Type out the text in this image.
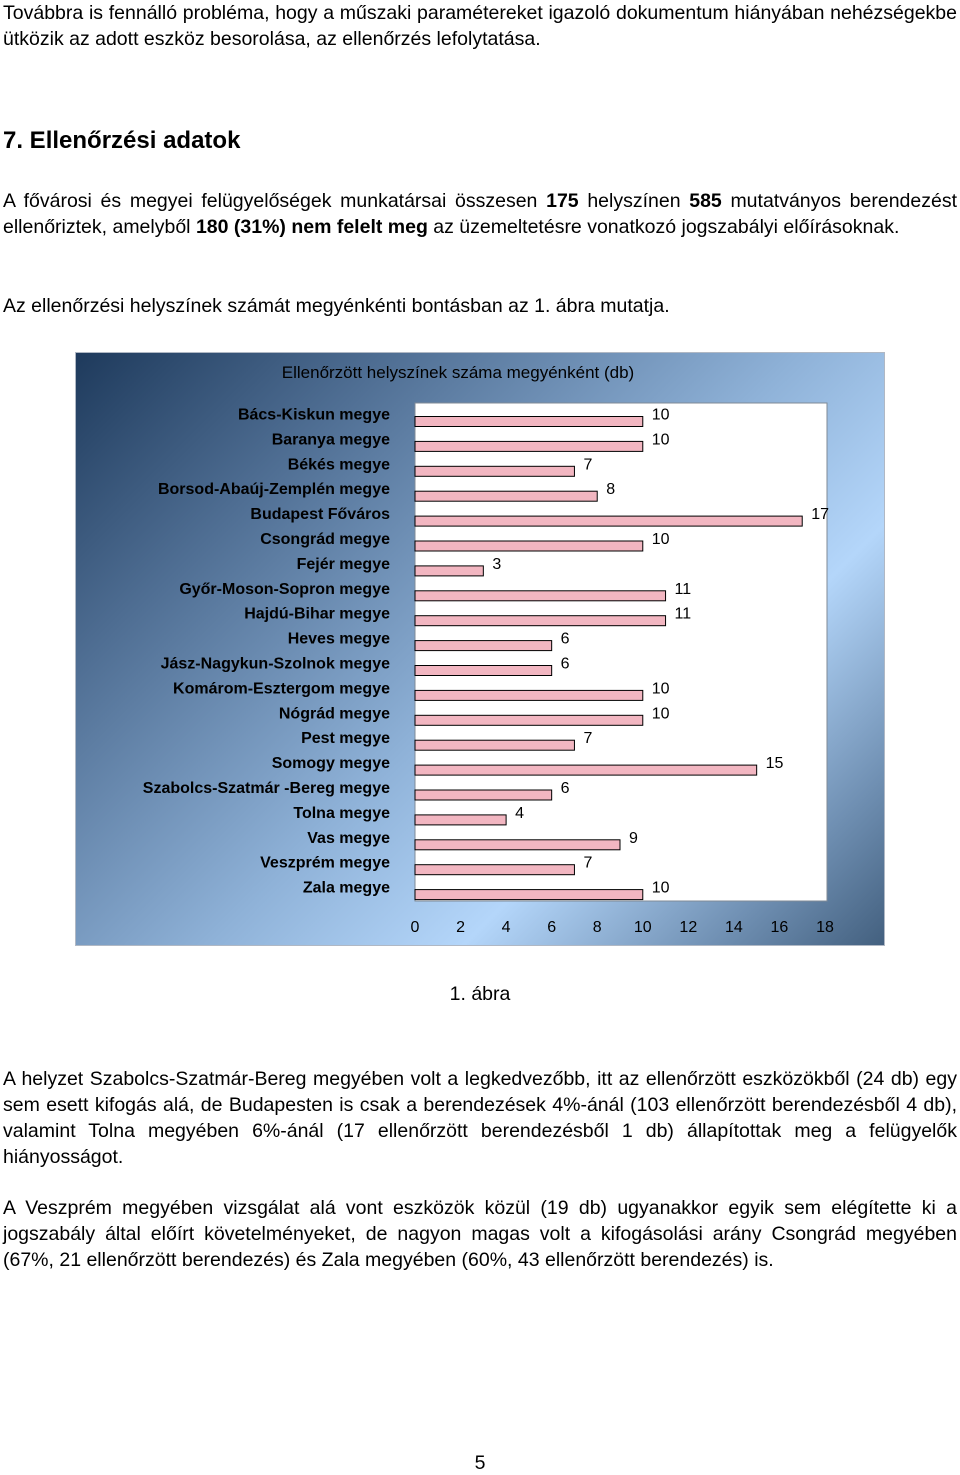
Továbbra is fennálló probléma, hogy a műszaki paramétereket igazoló dokumentum hiányában nehézségekbe ütközik az adott eszköz besorolása, az ellenőrzés lefolytatása.

7. Ellenőrzési adatok

A fővárosi és megyei felügyelőségek munkatársai összesen 175 helyszínen 585 mutatványos berendezést ellenőriztek, amelyből 180 (31%) nem felelt meg az üzemeltetésre vonatkozó jogszabályi előírásoknak.

Az ellenőrzési helyszínek számát megyénkénti bontásban az 1. ábra mutatja.

Ellenőrzött helyszínek száma megyénként (db)
Bács-Kiskun megye
Baranya megye
Békés megye
Borsod-Abaúj-Zemplén megye
Budapest Főváros
Csongrád megye
Fejér megye
Győr-Moson-Sopron megye
Hajdú-Bihar megye
Heves megye
Jász-Nagykun-Szolnok megye
Komárom-Esztergom megye
Nógrád megye
Pest megye
Somogy megye
Szabolcs-Szatmár -Bereg megye
Tolna megye
Vas megye
Veszprém megye
Zala megye
10
10
7
8
17
10
3
11
11
6
6
10
10
7
15
6
4
9
7
10
0 2 4 6 8 10 12 14 16 18

1. ábra

A helyzet Szabolcs-Szatmár-Bereg megyében volt a legkedvezőbb, itt az ellenőrzött eszközökből (24 db) egy sem esett kifogás alá, de Budapesten is csak a berendezések 4%-ánál (103 ellenőrzött berendezésből 4 db), valamint Tolna megyében 6%-ánál (17 ellenőrzött berendezésből 1 db) állapítottak meg a felügyelők hiányosságot.

A Veszprém megyében vizsgálat alá vont eszközök közül (19 db) ugyanakkor egyik sem elégítette ki a jogszabály által előírt követelményeket, de nagyon magas volt a kifogásolási arány Csongrád megyében (67%, 21 ellenőrzött berendezés) és Zala megyében (60%, 43 ellenőrzött berendezés) is.

5
